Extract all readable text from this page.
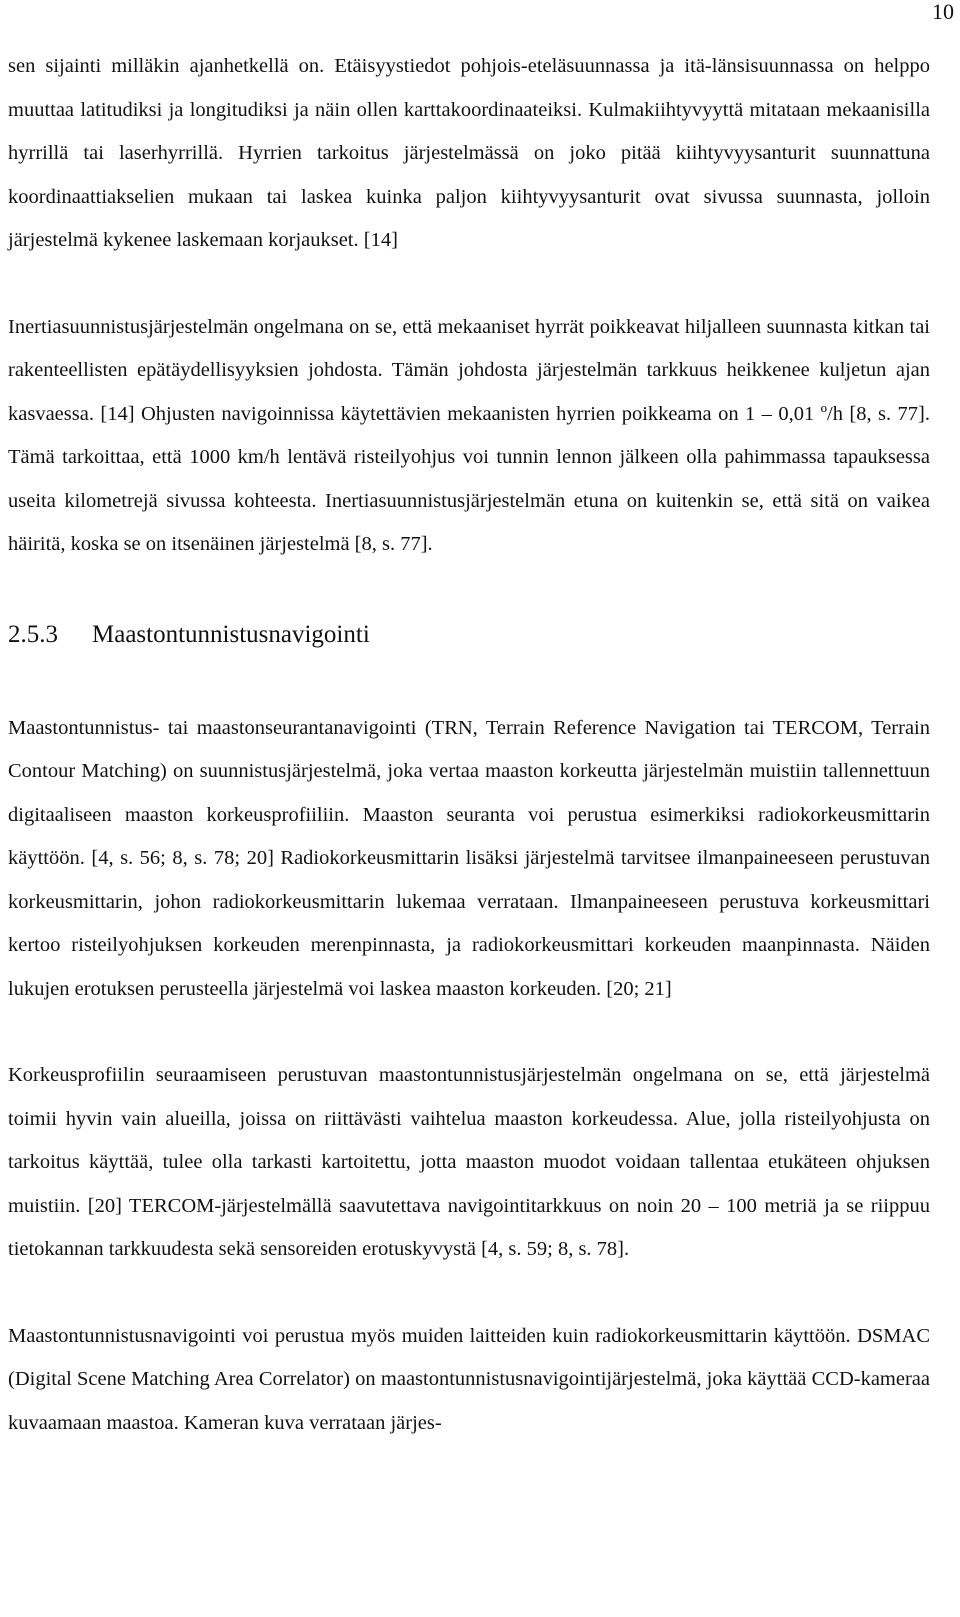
10

sen sijainti milläkin ajanhetkellä on. Etäisyystiedot pohjois-eteläsuunnassa ja itä-länsisuunnassa on helppo muuttaa latitudiksi ja longitudiksi ja näin ollen karttakoordinaateiksi. Kulmakiihtyvyyttä mitataan mekaanisilla hyrrillä tai laserhyrrillä. Hyrrien tarkoitus järjestelmässä on joko pitää kiihtyvyysanturit suunnattuna koordinaattiakselien mukaan tai laskea kuinka paljon kiihtyvyysanturit ovat sivussa suunnasta, jolloin järjestelmä kykenee laskemaan korjaukset. [14]

Inertiasuunnistusjärjestelmän ongelmana on se, että mekaaniset hyrrät poikkeavat hiljalleen suunnasta kitkan tai rakenteellisten epätäydellisyyksien johdosta. Tämän johdosta järjestelmän tarkkuus heikkenee kuljetun ajan kasvaessa. [14] Ohjusten navigoinnissa käytettävien mekaanisten hyrrien poikkeama on 1 – 0,01 º/h [8, s. 77]. Tämä tarkoittaa, että 1000 km/h lentävä risteilyohjus voi tunnin lennon jälkeen olla pahimmassa tapauksessa useita kilometrejä sivussa kohteesta. Inertiasuunnistusjärjestelmän etuna on kuitenkin se, että sitä on vaikea häiritä, koska se on itsenäinen järjestelmä [8, s. 77].

2.5.3 Maastontunnistusnavigointi

Maastontunnistus- tai maastonseurantanavigointi (TRN, Terrain Reference Navigation tai TERCOM, Terrain Contour Matching) on suunnistusjärjestelmä, joka vertaa maaston korkeutta järjestelmän muistiin tallennettuun digitaaliseen maaston korkeusprofiiliin. Maaston seuranta voi perustua esimerkiksi radiokorkeusmittarin käyttöön. [4, s. 56; 8, s. 78; 20] Radiokorkeusmittarin lisäksi järjestelmä tarvitsee ilmanpaineeseen perustuvan korkeusmittarin, johon radiokorkeusmittarin lukemaa verrataan. Ilmanpaineeseen perustuva korkeusmittari kertoo risteilyohjuksen korkeuden merenpinnasta, ja radiokorkeusmittari korkeuden maanpinnasta. Näiden lukujen erotuksen perusteella järjestelmä voi laskea maaston korkeuden. [20; 21]

Korkeusprofiilin seuraamiseen perustuvan maastontunnistusjärjestelmän ongelmana on se, että järjestelmä toimii hyvin vain alueilla, joissa on riittävästi vaihtelua maaston korkeudessa. Alue, jolla risteilyohjusta on tarkoitus käyttää, tulee olla tarkasti kartoitettu, jotta maaston muodot voidaan tallentaa etukäteen ohjuksen muistiin. [20] TERCOM-järjestelmällä saavutettava navigointitarkkuus on noin 20 – 100 metriä ja se riippuu tietokannan tarkkuudesta sekä sensoreiden erotuskyvystä [4, s. 59; 8, s. 78].

Maastontunnistusnavigointi voi perustua myös muiden laitteiden kuin radiokorkeusmittarin käyttöön. DSMAC (Digital Scene Matching Area Correlator) on maastontunnistusnavigointijärjestelmä, joka käyttää CCD-kameraa kuvaamaan maastoa. Kameran kuva verrataan järjes-
